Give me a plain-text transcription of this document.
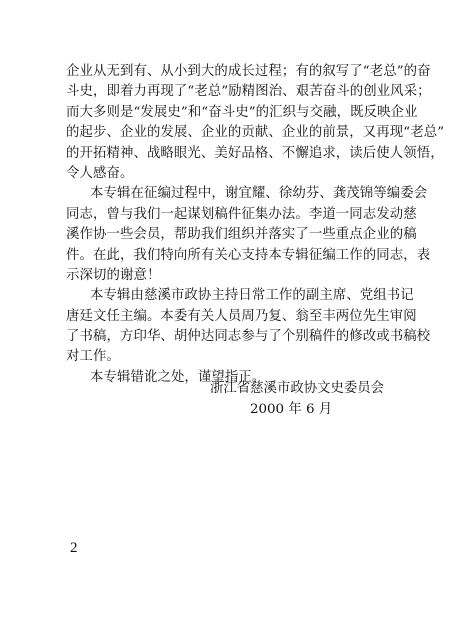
企业从无到有、从小到大的成长过程；有的叙写了“老总”的奋
斗史，即着力再现了“老总”励精图治、艰苦奋斗的创业风采；
而大多则是“发展史”和“奋斗史”的汇织与交融，既反映企业
的起步、企业的发展、企业的贡献、企业的前景，又再现“老总”
的开拓精神、战略眼光、美好品格、不懈追求，读后使人领悟，
令人感奋。
本专辑在征编过程中，谢宜耀、徐幼芬、龚茂锦等编委会
同志，曾与我们一起谋划稿件征集办法。李道一同志发动慈
溪作协一些会员，帮助我们组织并落实了一些重点企业的稿
件。在此，我们特向所有关心支持本专辑征编工作的同志，表
示深切的谢意！
本专辑由慈溪市政协主持日常工作的副主席、党组书记
唐廷文任主编。本委有关人员周乃复、翁至丰两位先生审阅
了书稿，方印华、胡仲达同志参与了个别稿件的修改或书稿校
对工作。
本专辑错讹之处，谨望指正。
浙江省慈溪市政协文史委员会
2000 年 6 月
2
